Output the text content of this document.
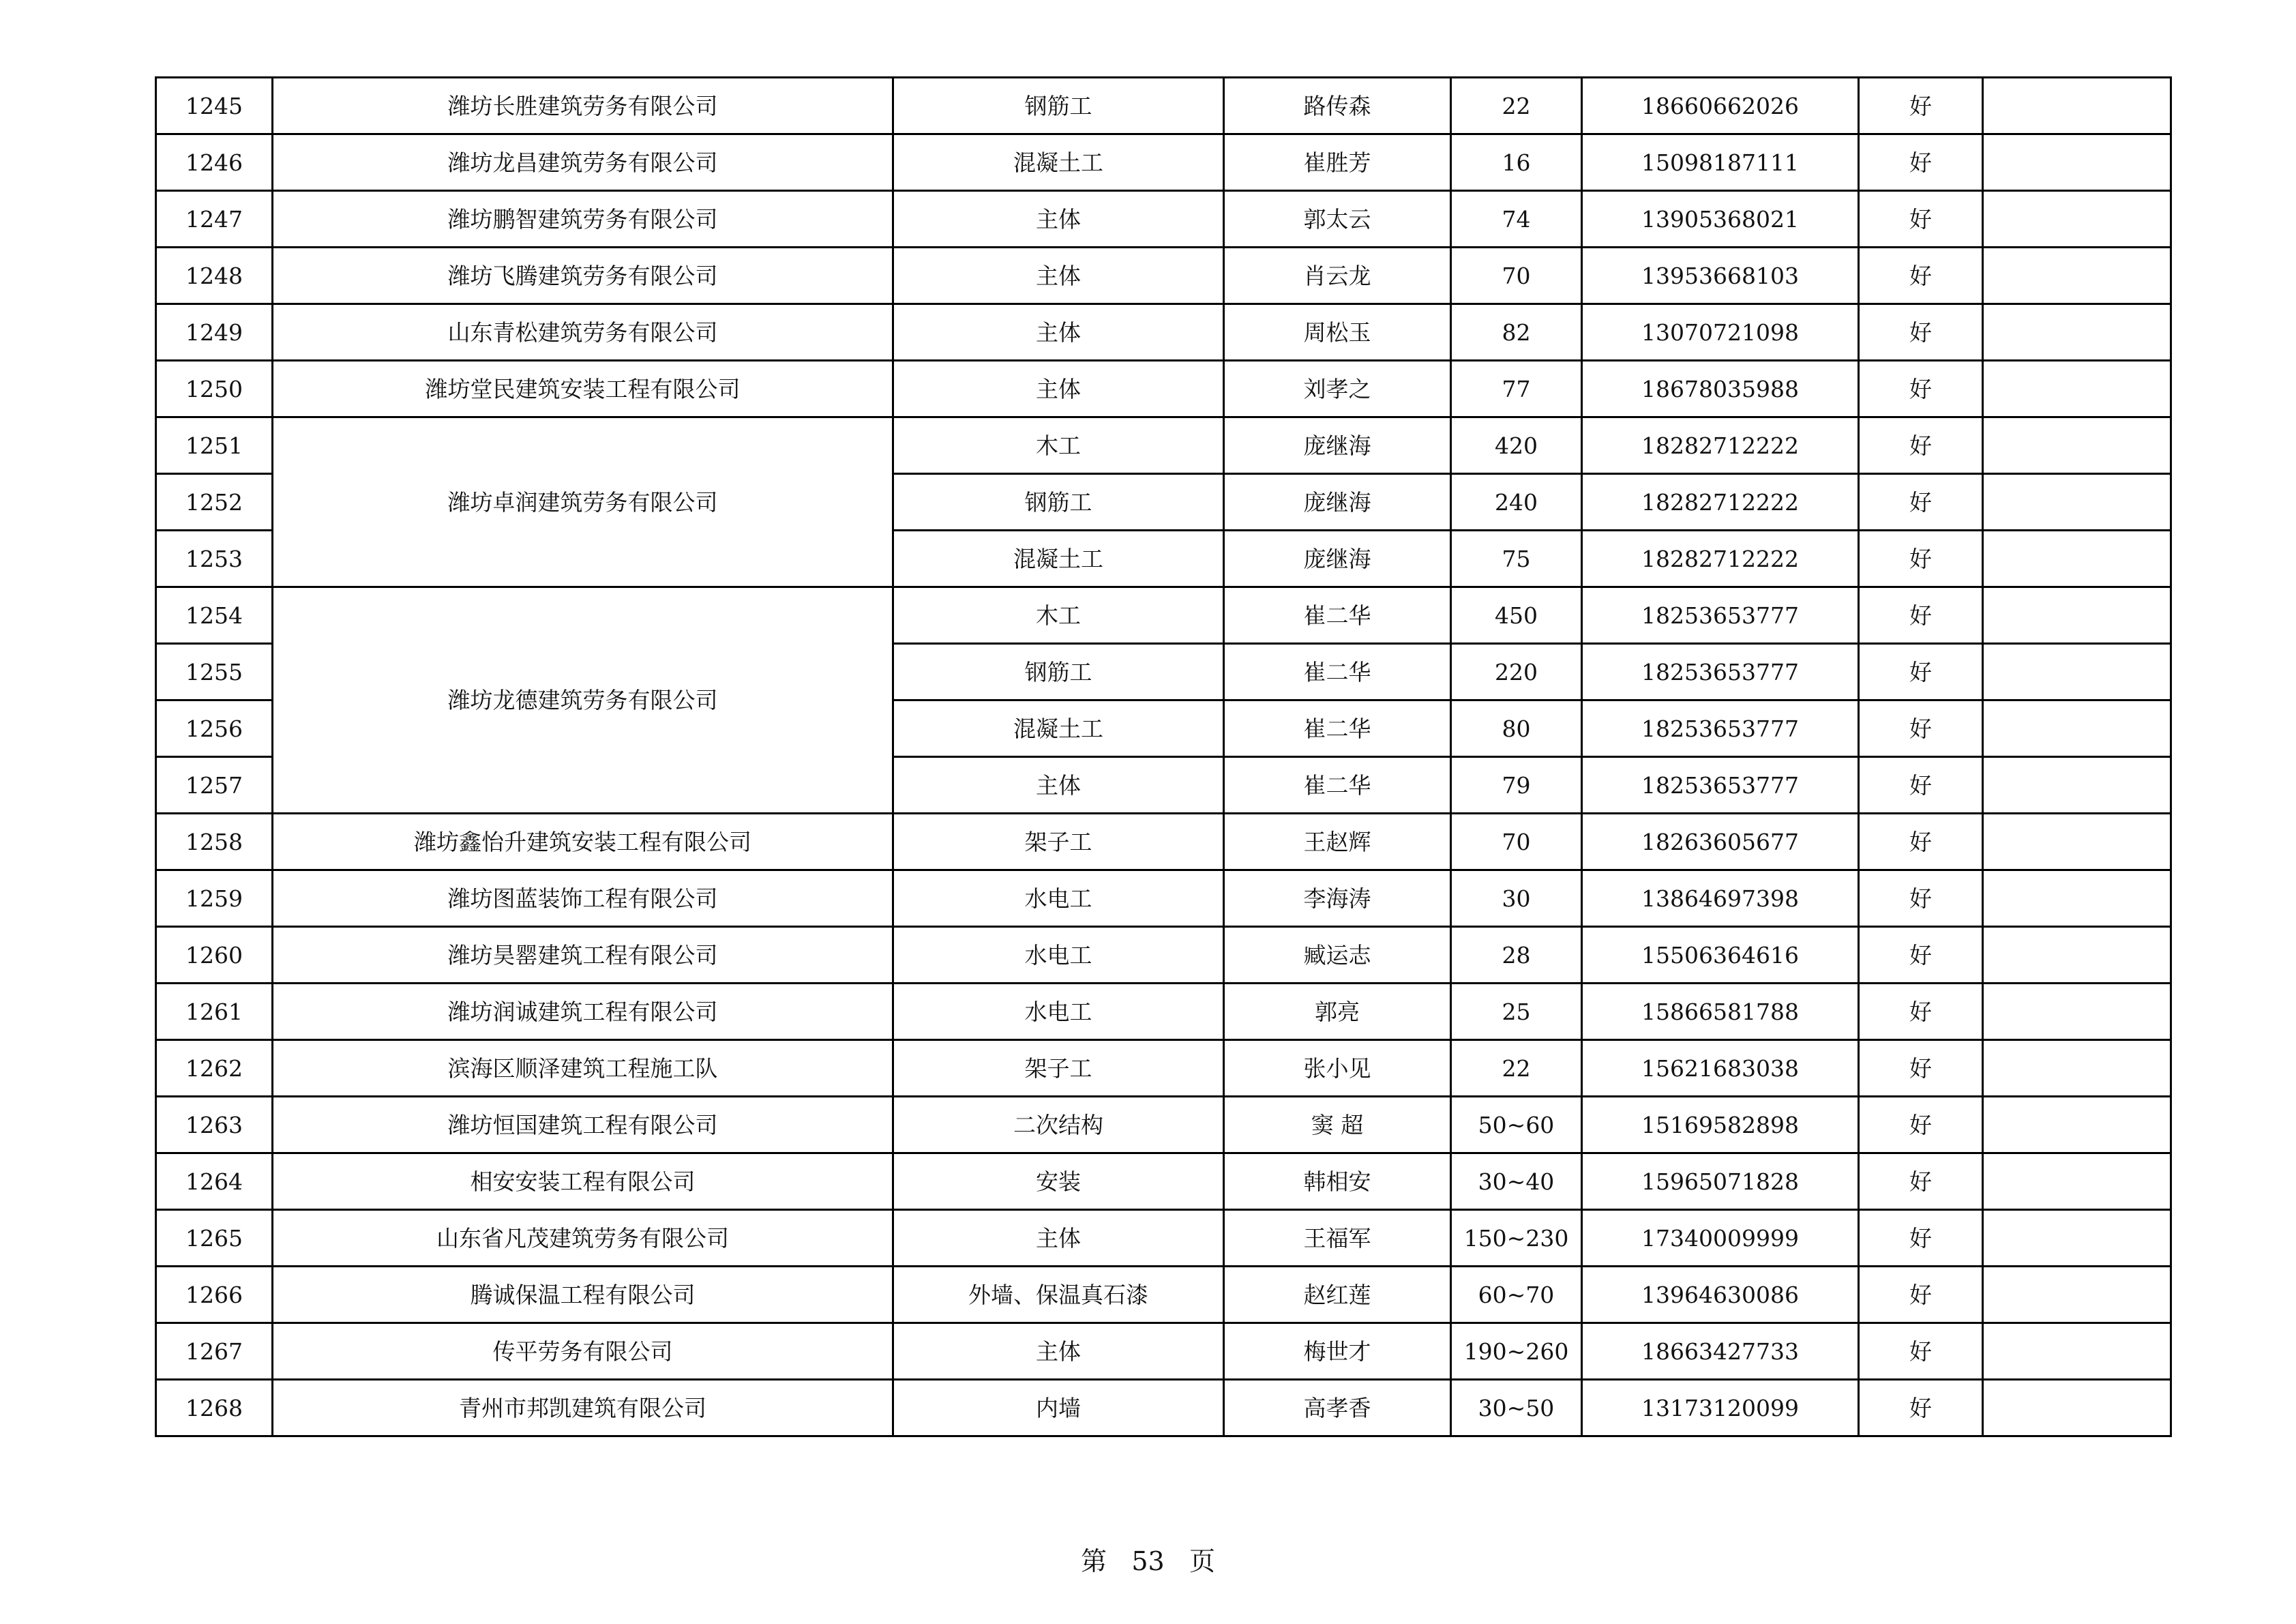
1245	潍坊长胜建筑劳务有限公司	钢筋工	路传森	22	18660662026	好	
1246	潍坊龙昌建筑劳务有限公司	混凝土工	崔胜芳	16	15098187111	好	
1247	潍坊鹏智建筑劳务有限公司	主体	郭太云	74	13905368021	好	
1248	潍坊飞腾建筑劳务有限公司	主体	肖云龙	70	13953668103	好	
1249	山东青松建筑劳务有限公司	主体	周松玉	82	13070721098	好	
1250	潍坊堂民建筑安装工程有限公司	主体	刘孝之	77	18678035988	好	
1251	潍坊卓润建筑劳务有限公司	木工	庞继海	420	18282712222	好	
1252		钢筋工	庞继海	240	18282712222	好	
1253		混凝土工	庞继海	75	18282712222	好	
1254	潍坊龙德建筑劳务有限公司	木工	崔二华	450	18253653777	好	
1255		钢筋工	崔二华	220	18253653777	好	
1256		混凝土工	崔二华	80	18253653777	好	
1257		主体	崔二华	79	18253653777	好	
1258	潍坊鑫怡升建筑安装工程有限公司	架子工	王赵辉	70	18263605677	好	
1259	潍坊图蓝装饰工程有限公司	水电工	李海涛	30	13864697398	好	
1260	潍坊昊罂建筑工程有限公司	水电工	臧运志	28	15506364616	好	
1261	潍坊润诚建筑工程有限公司	水电工	郭亮	25	15866581788	好	
1262	滨海区顺泽建筑工程施工队	架子工	张小见	22	15621683038	好	
1263	潍坊恒国建筑工程有限公司	二次结构	窦 超	50~60	15169582898	好	
1264	相安安装工程有限公司	安装	韩相安	30~40	15965071828	好	
1265	山东省凡茂建筑劳务有限公司	主体	王福军	150~230	17340009999	好	
1266	腾诚保温工程有限公司	外墙、保温真石漆	赵红莲	60~70	13964630086	好	
1267	传平劳务有限公司	主体	梅世才	190~260	18663427733	好	
1268	青州市邦凯建筑有限公司	内墙	高孝香	30~50	13173120099	好	
第 53 页
